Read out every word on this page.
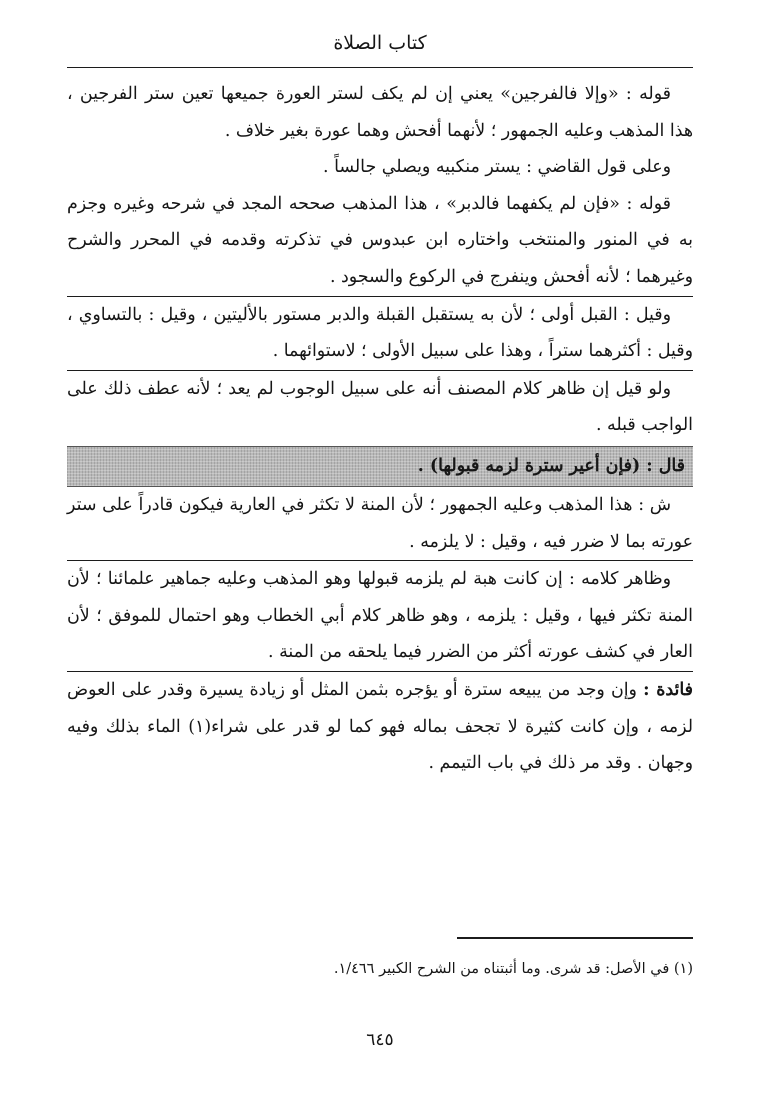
كتاب الصلاة

قوله : «وإلا فالفرجين» يعني إن لم يكف لستر العورة جميعها تعين ستر الفرجين ، هذا المذهب وعليه الجمهور ؛ لأنهما أفحش وهما عورة بغير خلاف .

وعلى قول القاضي : يستر منكبيه ويصلي جالساً .

قوله : «فإن لم يكفهما فالدبر» ، هذا المذهب صححه المجد في شرحه وغيره وجزم به في المنور والمنتخب واختاره ابن عبدوس في تذكرته وقدمه في المحرر والشرح وغيرهما ؛ لأنه أفحش وينفرج في الركوع والسجود .

وقيل : القبل أولى ؛ لأن به يستقبل القبلة والدبر مستور بالأليتين ، وقيل : بالتساوي ، وقيل : أكثرهما ستراً ، وهذا على سبيل الأولى ؛ لاستوائهما .

ولو قيل إن ظاهر كلام المصنف أنه على سبيل الوجوب لم يعد ؛ لأنه عطف ذلك على الواجب قبله .

قال : (فإن أعير سترة لزمه قبولها) .

ش : هذا المذهب وعليه الجمهور ؛ لأن المنة لا تكثر في العارية فيكون قادراً على ستر عورته بما لا ضرر فيه ، وقيل : لا يلزمه .

وظاهر كلامه : إن كانت هبة لم يلزمه قبولها وهو المذهب وعليه جماهير علمائنا ؛ لأن المنة تكثر فيها ، وقيل : يلزمه ، وهو ظاهر كلام أبي الخطاب وهو احتمال للموفق ؛ لأن العار في كشف عورته أكثر من الضرر فيما يلحقه من المنة .

فائدة : وإن وجد من يبيعه سترة أو يؤجره بثمن المثل أو زيادة يسيرة وقدر على العوض لزمه ، وإن كانت كثيرة لا تجحف بماله فهو كما لو قدر على شراء(١) الماء بذلك وفيه وجهان . وقد مر ذلك في باب التيمم .

(١) في الأصل: قد شرى. وما أثبتناه من الشرح الكبير ١/٤٦٦.
٦٤٥
